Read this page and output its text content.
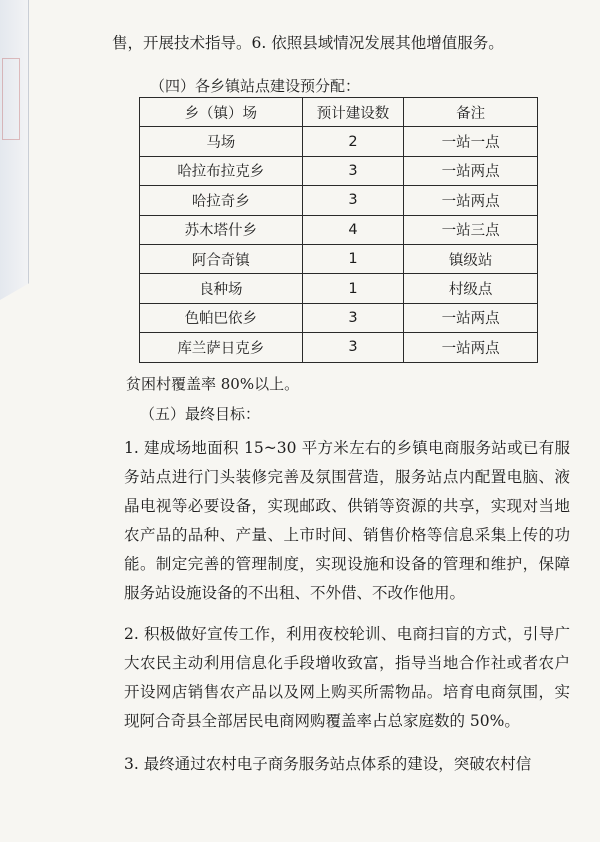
售，开展技术指导。6. 依照县域情况发展其他增值服务。
（四）各乡镇站点建设预分配：
乡（镇）场	预计建设数	备注
马场	2	一站一点
哈拉布拉克乡	3	一站两点
哈拉奇乡	3	一站两点
苏木塔什乡	4	一站三点
阿合奇镇	1	镇级站
良种场	1	村级点
色帕巴依乡	3	一站两点
库兰萨日克乡	3	一站两点
贫困村覆盖率 80%以上。
（五）最终目标：
1. 建成场地面积 15~30 平方米左右的乡镇电商服务站或已有服务站点进行门头装修完善及氛围营造，服务站点内配置电脑、液晶电视等必要设备，实现邮政、供销等资源的共享，实现对当地农产品的品种、产量、上市时间、销售价格等信息采集上传的功能。制定完善的管理制度，实现设施和设备的管理和维护，保障服务站设施设备的不出租、不外借、不改作他用。
2. 积极做好宣传工作，利用夜校轮训、电商扫盲的方式，引导广大农民主动利用信息化手段增收致富，指导当地合作社或者农户开设网店销售农产品以及网上购买所需物品。培育电商氛围，实现阿合奇县全部居民电商网购覆盖率占总家庭数的 50%。
3. 最终通过农村电子商务服务站点体系的建设，突破农村信
